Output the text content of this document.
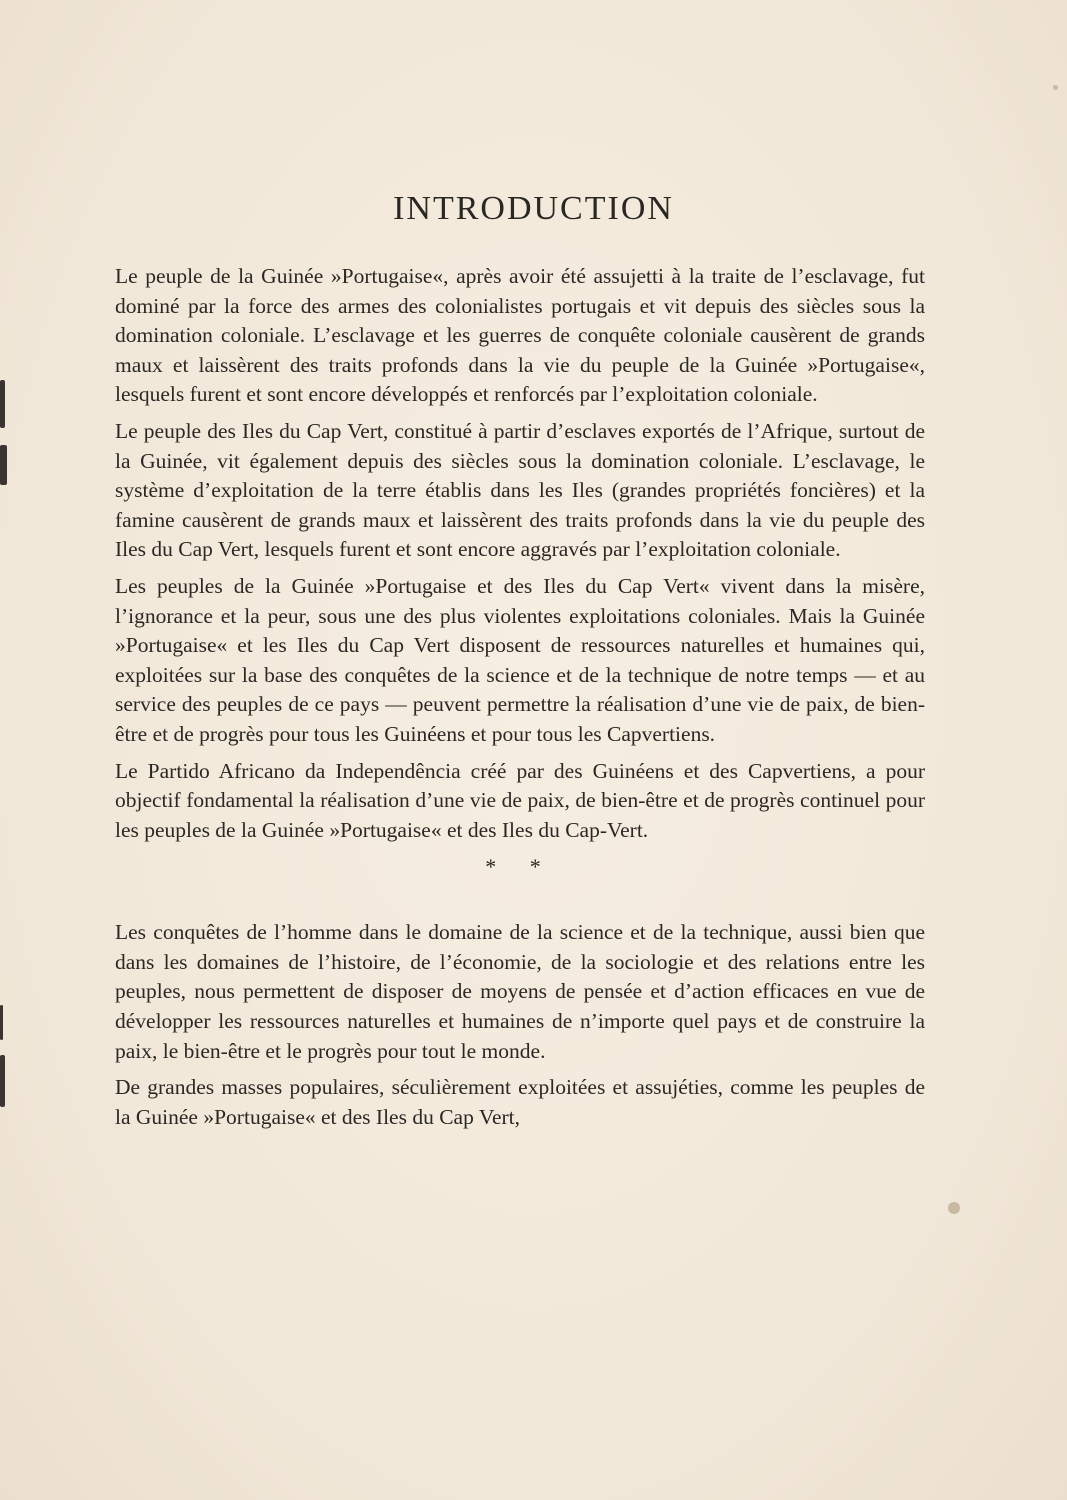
INTRODUCTION

Le peuple de la Guinée »Portugaise«, après avoir été assujetti à la traite de l’esclavage, fut dominé par la force des armes des colonialistes portugais et vit depuis des siècles sous la domination coloniale. L’esclavage et les guerres de conquête coloniale causèrent de grands maux et laissèrent des traits profonds dans la vie du peuple de la Guinée »Portugaise«, lesquels furent et sont encore développés et renforcés par l’exploitation coloniale.

Le peuple des Iles du Cap Vert, constitué à partir d’esclaves exportés de l’Afrique, surtout de la Guinée, vit également depuis des siècles sous la domination coloniale. L’esclavage, le système d’exploitation de la terre établis dans les Iles (grandes propriétés foncières) et la famine causèrent de grands maux et laissèrent des traits profonds dans la vie du peuple des Iles du Cap Vert, lesquels furent et sont encore aggravés par l’exploitation coloniale.

Les peuples de la Guinée »Portugaise et des Iles du Cap Vert« vivent dans la misère, l’ignorance et la peur, sous une des plus violentes exploitations coloniales. Mais la Guinée »Portugaise« et les Iles du Cap Vert disposent de ressources naturelles et humaines qui, exploitées sur la base des conquêtes de la science et de la technique de notre temps — et au service des peuples de ce pays — peuvent permettre la réalisation d’une vie de paix, de bien-être et de progrès pour tous les Guinéens et pour tous les Capvertiens.

Le Partido Africano da Independência créé par des Guinéens et des Capvertiens, a pour objectif fondamental la réalisation d’une vie de paix, de bien-être et de progrès continuel pour les peuples de la Guinée »Portugaise« et des Iles du Cap-Vert.

* *

Les conquêtes de l’homme dans le domaine de la science et de la technique, aussi bien que dans les domaines de l’histoire, de l’économie, de la sociologie et des relations entre les peuples, nous permettent de disposer de moyens de pensée et d’action efficaces en vue de développer les ressources naturelles et humaines de n’importe quel pays et de construire la paix, le bien-être et le progrès pour tout le monde.

De grandes masses populaires, séculièrement exploitées et assujéties, comme les peuples de la Guinée »Portugaise« et des Iles du Cap Vert,
